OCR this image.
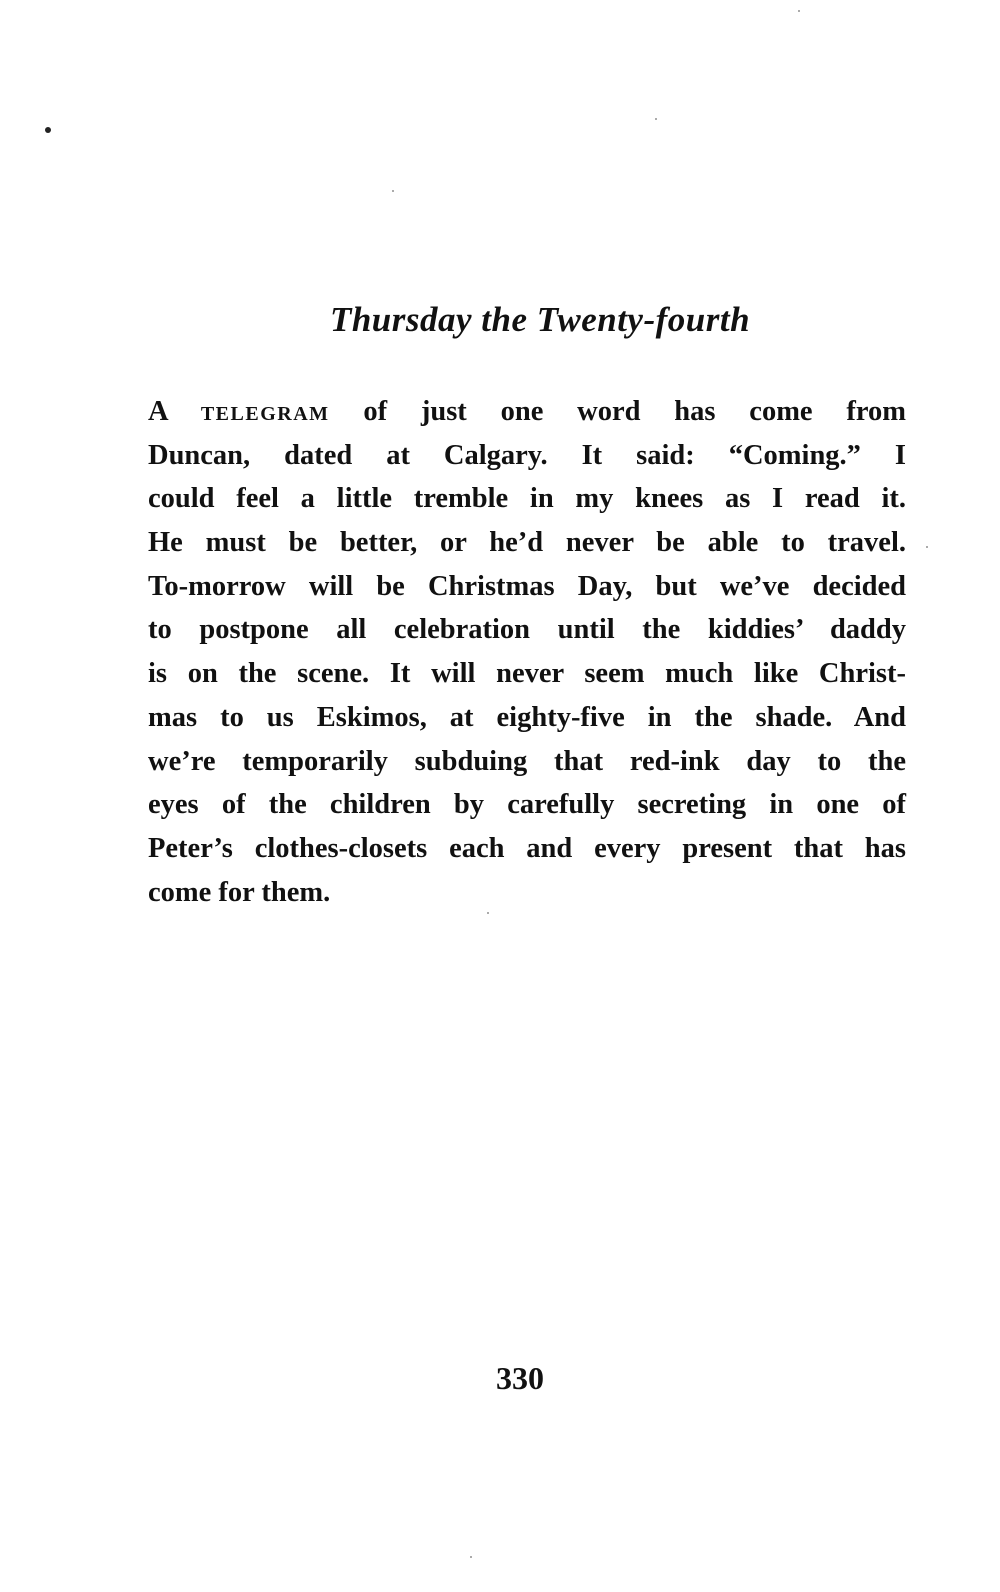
Thursday the Twenty-fourth
A telegram of just one word has come from
Duncan, dated at Calgary. It said: “Coming.” I
could feel a little tremble in my knees as I read it.
He must be better, or he’d never be able to travel.
To-morrow will be Christmas Day, but we’ve decided
to postpone all celebration until the kiddies’ daddy
is on the scene. It will never seem much like Christ-
mas to us Eskimos, at eighty-five in the shade. And
we’re temporarily subduing that red-ink day to the
eyes of the children by carefully secreting in one of
Peter’s clothes-closets each and every present that has
come for them.
330
